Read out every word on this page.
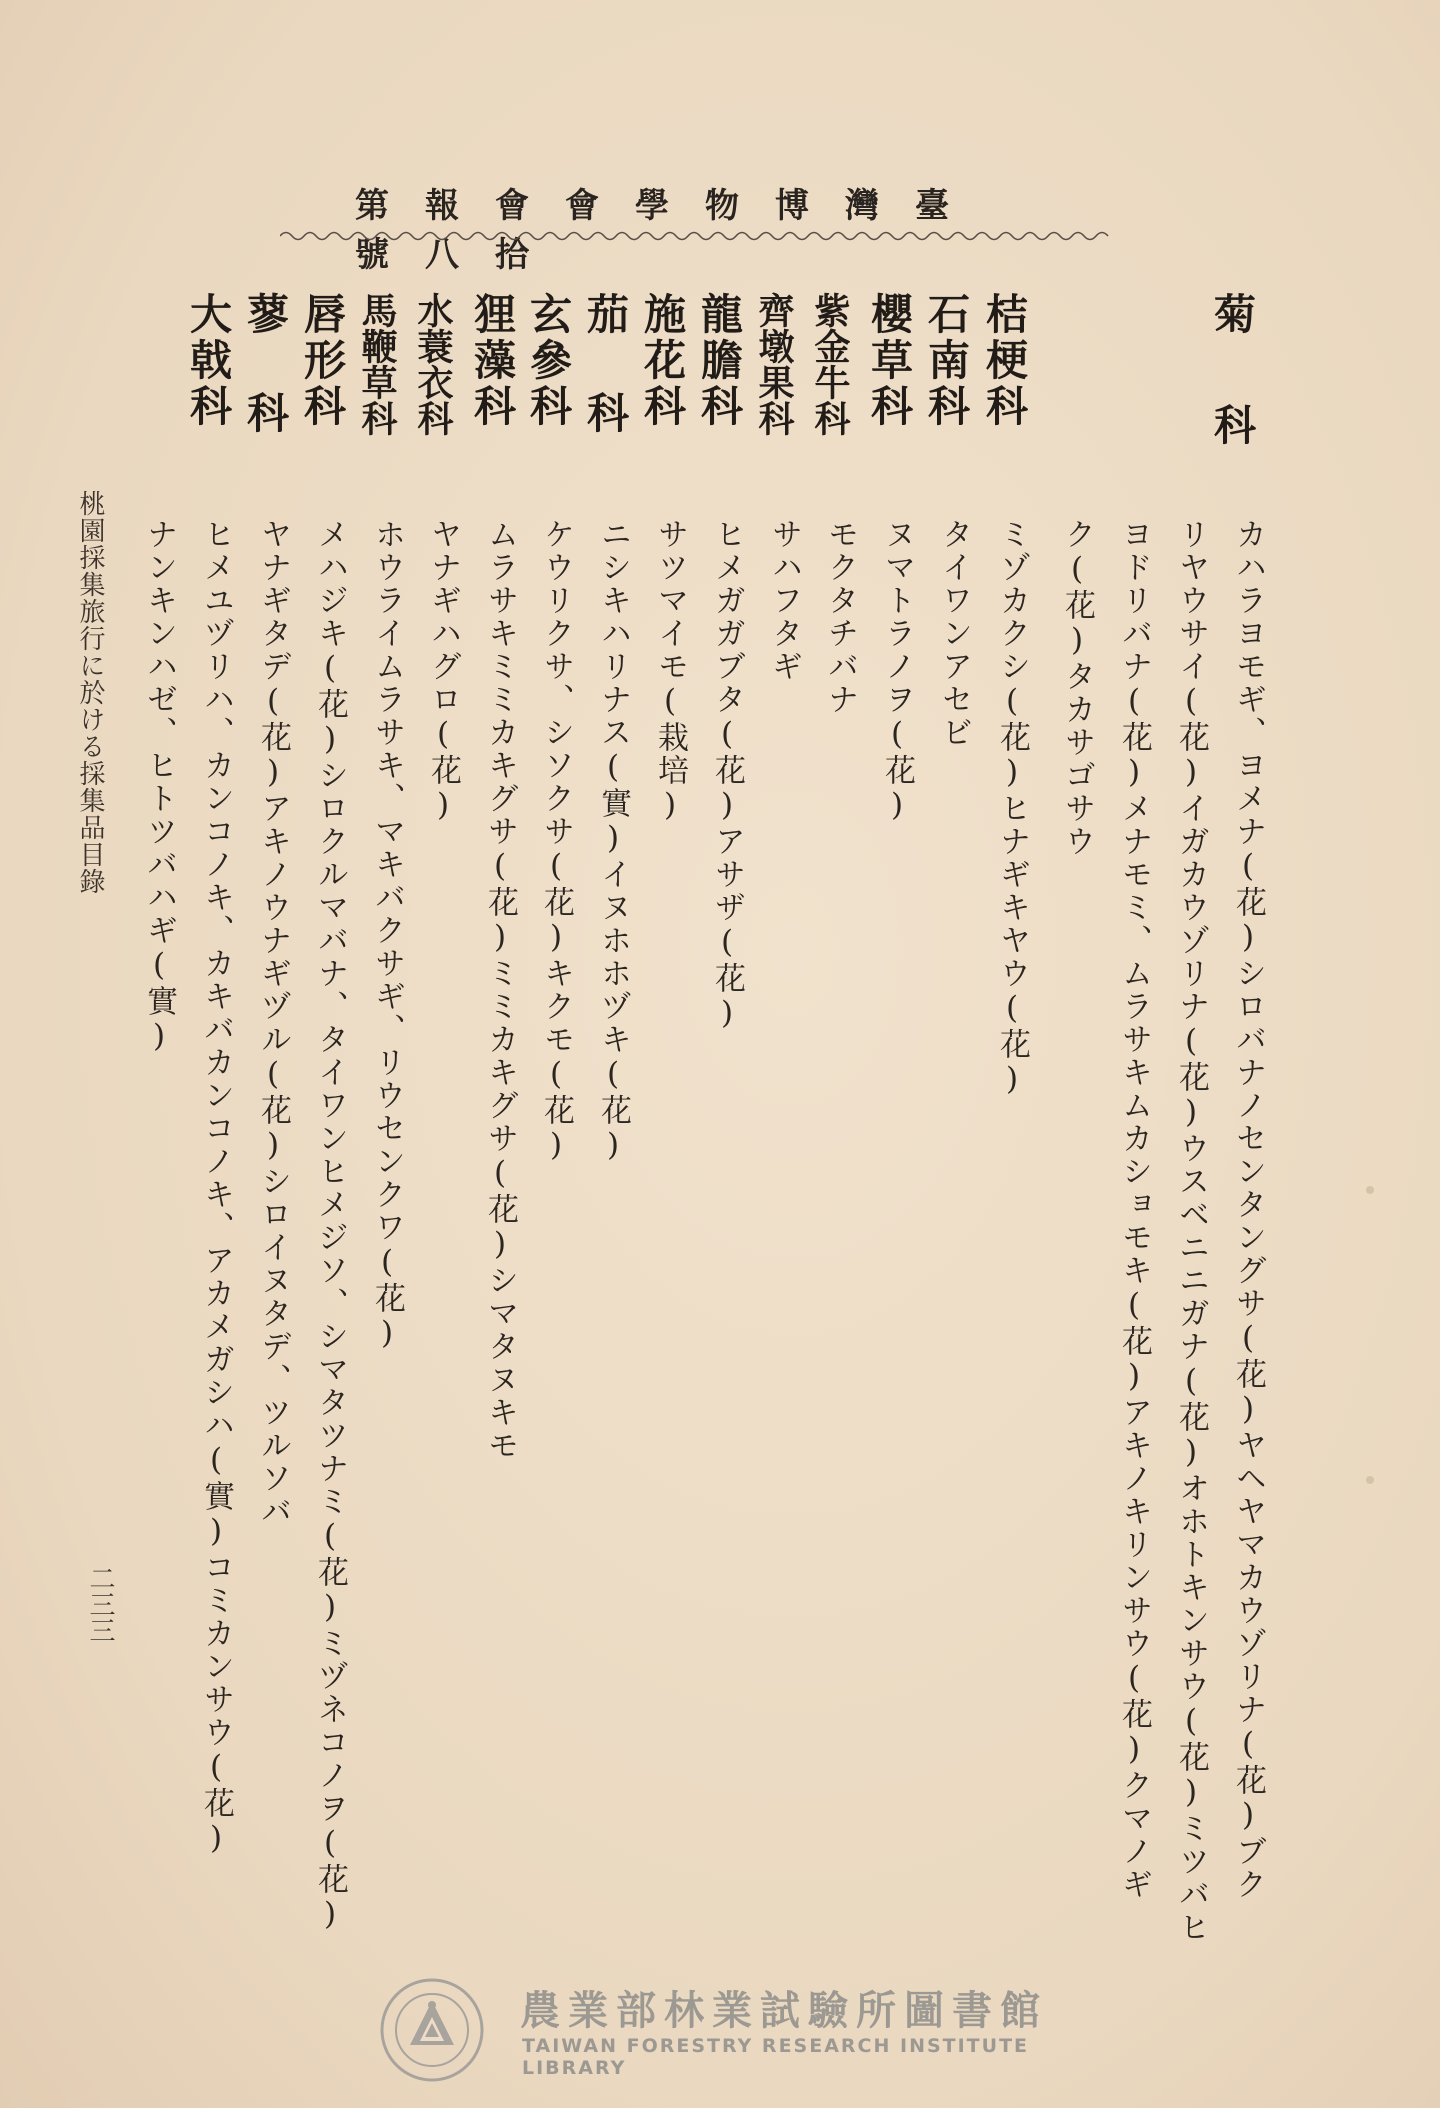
臺灣博物學會會報第拾八號
菊 科
カハラヨモギ、ヨメナ(花)シロバナノセンタングサ(花)ヤヘヤマカウゾリナ(花)ブク
リヤウサイ(花)イガカウゾリナ(花)ウスベニニガナ(花)オホトキンサウ(花)ミツバヒ
ヨドリバナ(花)メナモミ、ムラサキムカショモキ(花)アキノキリンサウ(花)クマノギ
ク(花)タカサゴサウ
桔梗科
ミゾカクシ(花)ヒナギキヤウ(花)
石南科
タイワンアセビ
櫻草科
ヌマトラノヲ(花)
紫金牛科
モクタチバナ
齊墩果科
サハフタギ
龍膽科
ヒメガガブタ(花)アサザ(花)
施花科
サツマイモ(栽培)
茄 科
ニシキハリナス(實)イヌホホヅキ(花)
玄參科
ケウリクサ、シソクサ(花)キクモ(花)
狸藻科
ムラサキミミカキグサ(花)ミミカキグサ(花)シマタヌキモ
水蓑衣科
ヤナギハグロ(花)
馬鞭草科
ホウライムラサキ、マキバクサギ、リウセンクワ(花)
唇形科
メハジキ(花)シロクルマバナ、タイワンヒメジソ、シマタツナミ(花)ミヅネコノヲ(花)
蓼 科
ヤナギタデ(花)アキノウナギヅル(花)シロイヌタデ、ツルソバ
ヒメユヅリハ、カンコノキ、カキバカンコノキ、アカメガシハ(實)コミカンサウ(花)
大戟科
ナンキンハゼ、ヒトツバハギ(實)
桃園採集旅行に於ける採集品目錄
二三三
農業部林業試驗所圖書館
TAIWAN FORESTRY RESEARCH INSTITUTE LIBRARY
